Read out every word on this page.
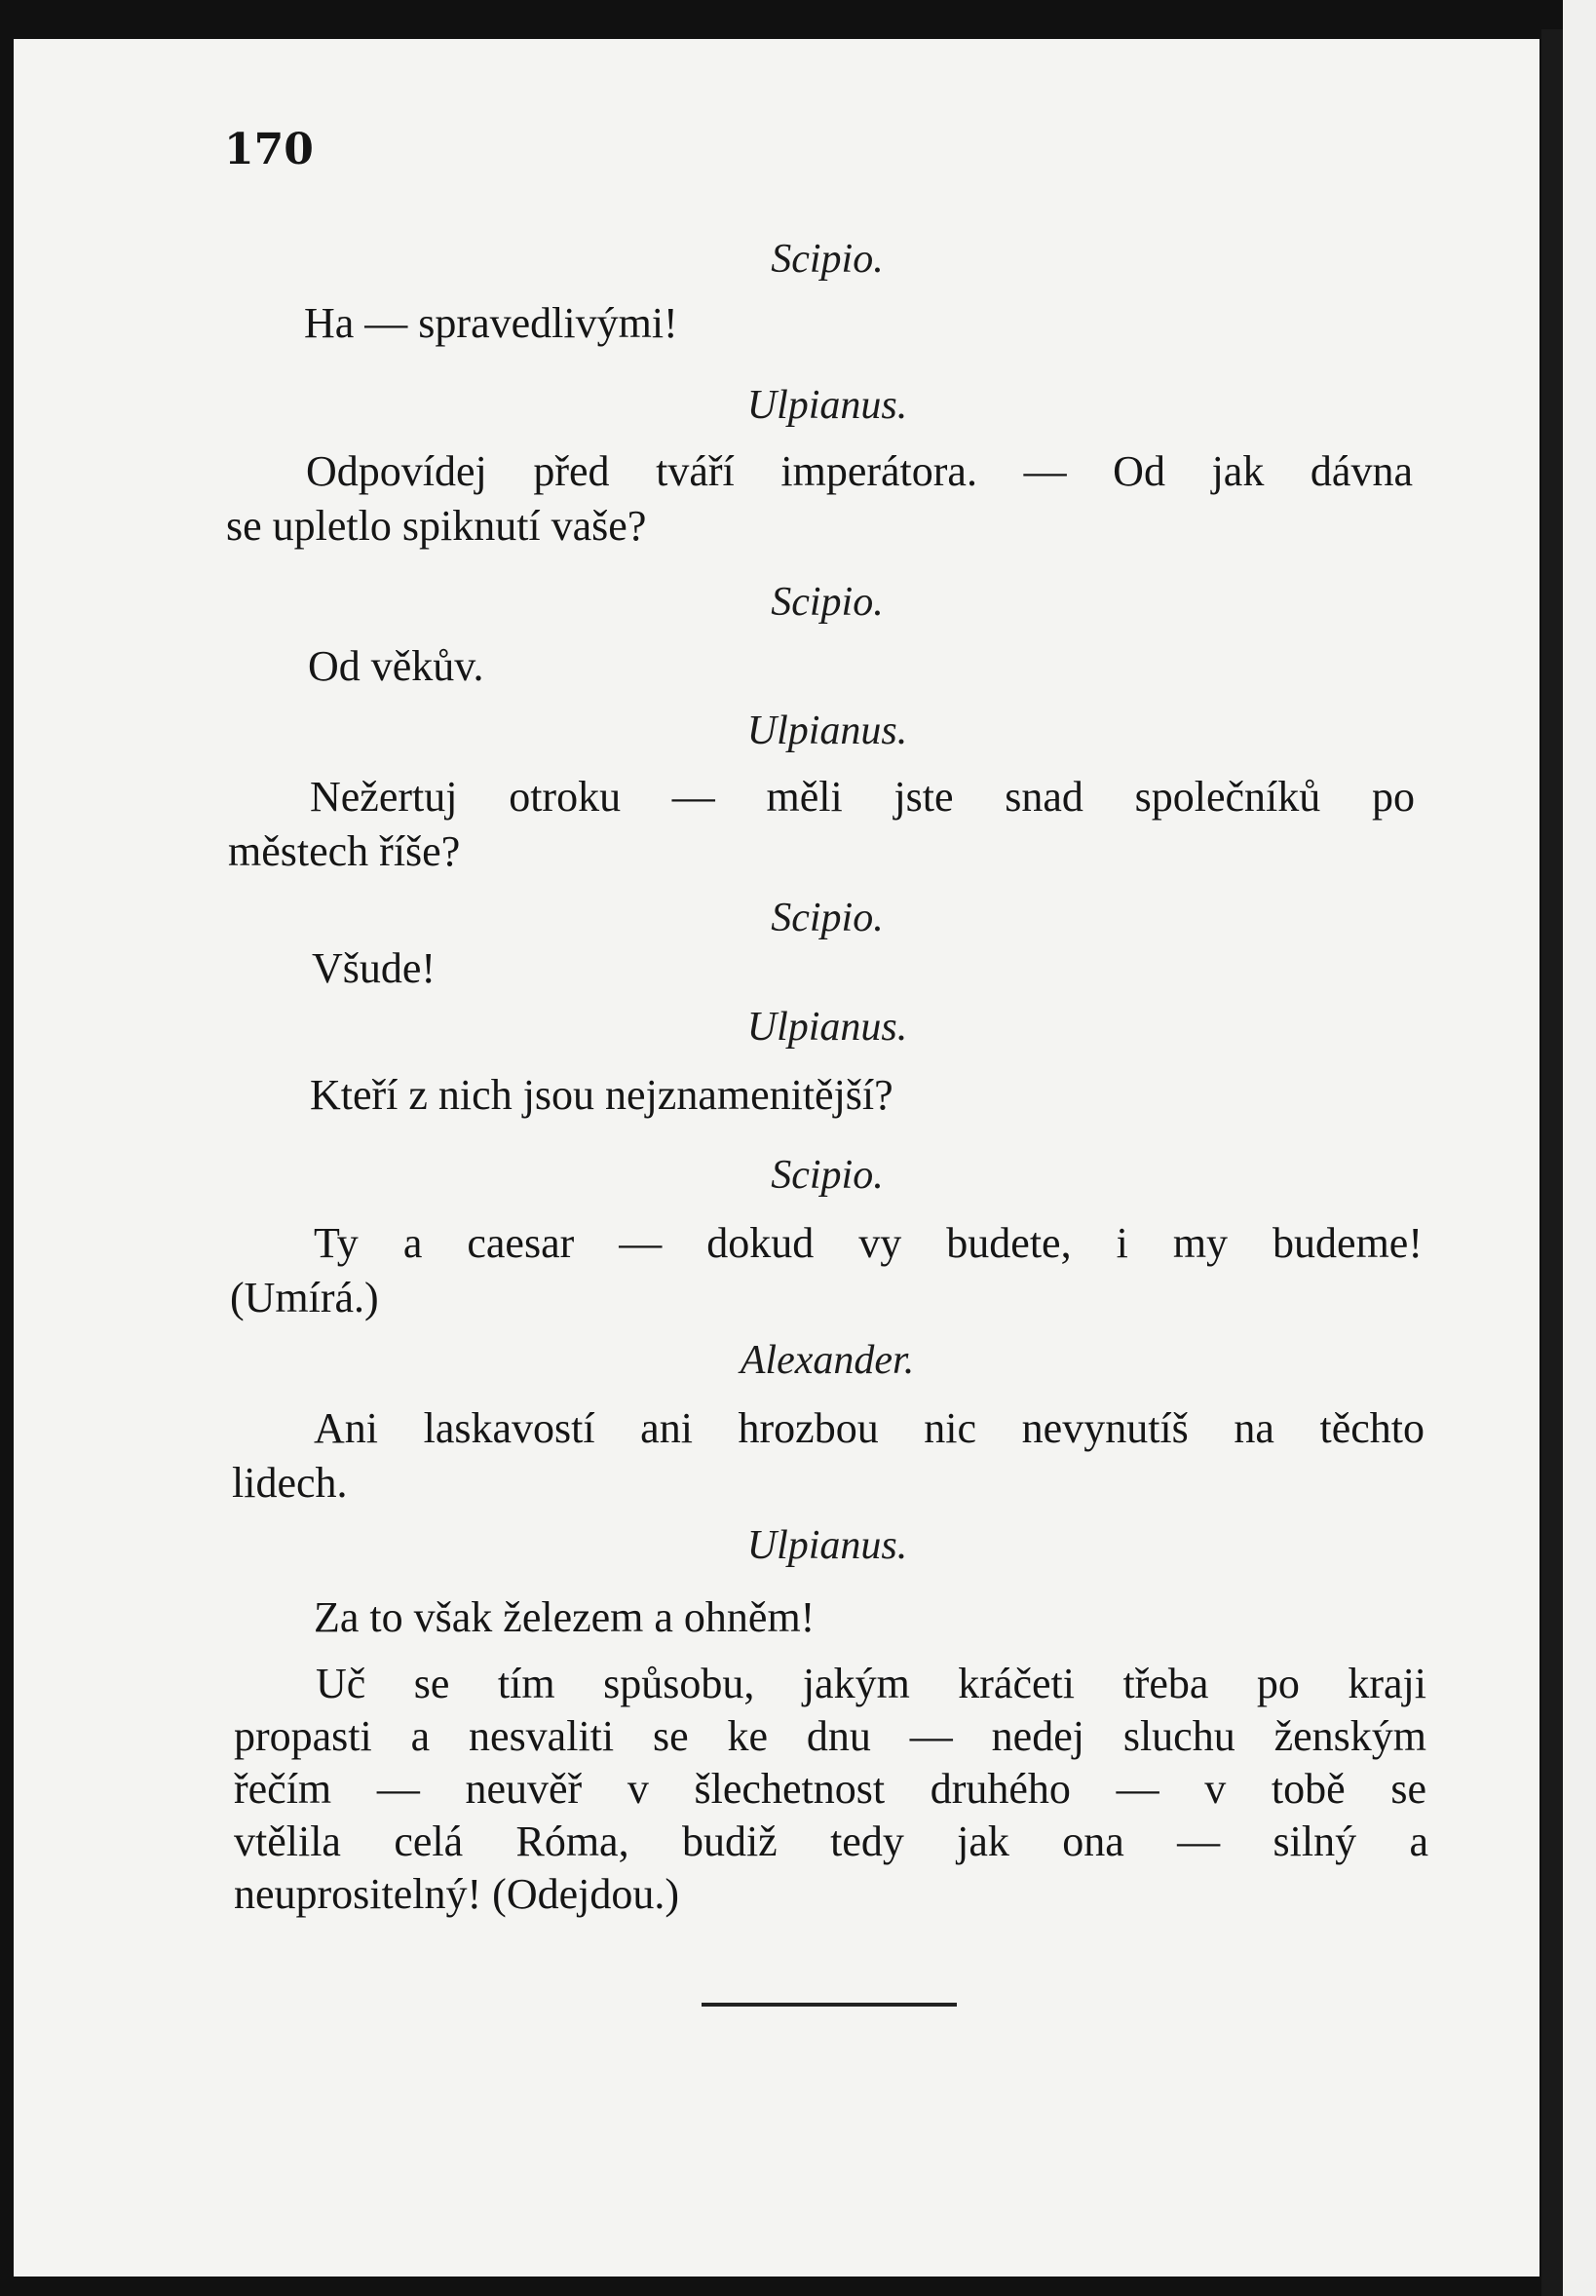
170
Scipio.
Ha — spravedlivými!
Ulpianus.
Odpovídej před tváří imperátora. — Od jak dávna
se upletlo spiknutí vaše?
Scipio.
Od věkův.
Ulpianus.
Nežertuj otroku — měli jste snad společníků po
městech říše?
Scipio.
Všude!
Ulpianus.
Kteří z nich jsou nejznamenitější?
Scipio.
Ty a caesar — dokud vy budete, i my budeme!
(Umírá.)
Alexander.
Ani laskavostí ani hrozbou nic nevynutíš na těchto
lidech.
Ulpianus.
Za to však železem a ohněm!
Uč se tím spůsobu, jakým kráčeti třeba po kraji
propasti a nesvaliti se ke dnu — nedej sluchu ženským
řečím — neuvěř v šlechetnost druhého — v tobě se
vtělila celá Róma, budiž tedy jak ona — silný a
neuprositelný! (Odejdou.)
